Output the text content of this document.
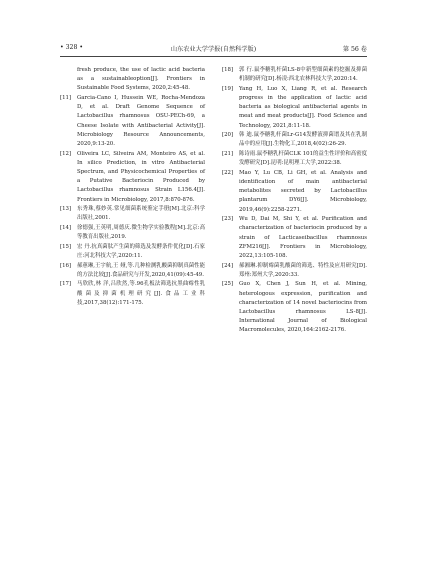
• 328 •	山东农业大学学报(自然科学版)	第 56 卷
fresh produce, the use of lactic acid bacteria as a sustainableoption[J]. Frontiers in Sustainable Food Systems, 2020,2:45-48.
[11] Garcia-Cano I, Hussein WE, Rocha-Mendoza D, et al. Draft Genome Sequence of Lactobacillus rhamnosus OSU-PECh-69, a Cheese Isolate with Antibacterial Activity[J]. Microbiology Resource Announcements, 2020,9:13-20.
[12] Oliveira LC, Silveira AM, Monteiro AS, et al. In silico Prediction, in vitro Antibacterial Spectrum, and Physicochemical Properties of a Putative Bacteriocin Produced by Lactobacillus rhamnosus Strain L156.4[J]. Frontiers in Microbiology, 2017,8:870-876.
[13] 东秀珠,蔡妙英.常见细菌系统鉴定手册[M].北京:科学出版社,2001.
[14] 徐德强,王英明,周德庆.微生物学实验教程[M].北京:高等教育出版社,2019.
[15] 宏 丹.抗真菌肽产生菌的筛选及发酵条件优化[D].石家庄:河北科技大学,2020:11.
[16] 郝蕙琳,王宇航,王 娅,等.几种检测乳酸菌抑制真菌性能的方法比较[J].食品研究与开发,2020,41(09):45-49.
[17] 马欣欣,林 洋,吕欣然,等.96孔板法筛选抗黑曲霉性乳酸菌及抑菌机理研究[J].食品工业科技,2017,38(12):171-175.
[18] 郭 行.鼠李糖乳杆菌LS-8中新型细菌素的挖掘及抑菌机制的研究[D].杨凌:西北农林科技大学,2020:14.
[19] Yang H, Luo X, Liang R, et al. Research progress in the application of lactic acid bacteria as biological antibacterial agents in meat and meat products[J]. Food Science and Technology, 2021,8:11-18.
[20] 韩 迪.鼠李糖乳杆菌Lr-G14发酵液抑菌谱及其在乳制品中的应用[J].生物化工,2018,4(02):26-29.
[21] 陈诗雨.鼠李糖乳杆菌CLK 101的益生性评价和高密度发酵研究[D].昆明:昆明理工大学,2022:38.
[22] Mao Y, Lu CB, Li GH, et al. Analysis and identification of main antibacterial metabolites secreted by Lactobacillus plantarum DY6[J]. Microbiology, 2019,46(9):2258-2271.
[23] Wu D, Dai M, Shi Y, et al. Purification and characterization of bacteriocin produced by a strain of Lacticaseibacillus rhamnosus ZFM216[J]. Frontiers in Microbiology, 2022,13:105-108.
[24] 郝湘琳.抑制霉菌乳酸菌的筛选、特性及应用研究[D].郑州:郑州大学,2020:33.
[25] Guo X, Chen J, Sun H, et al. Mining, heterologous expression, purification and characterization of 14 novel bacteriocins from Lactobacillus rhamnosus LS-8[J]. International Journal of Biological Macromolecules, 2020,164:2162-2176.
